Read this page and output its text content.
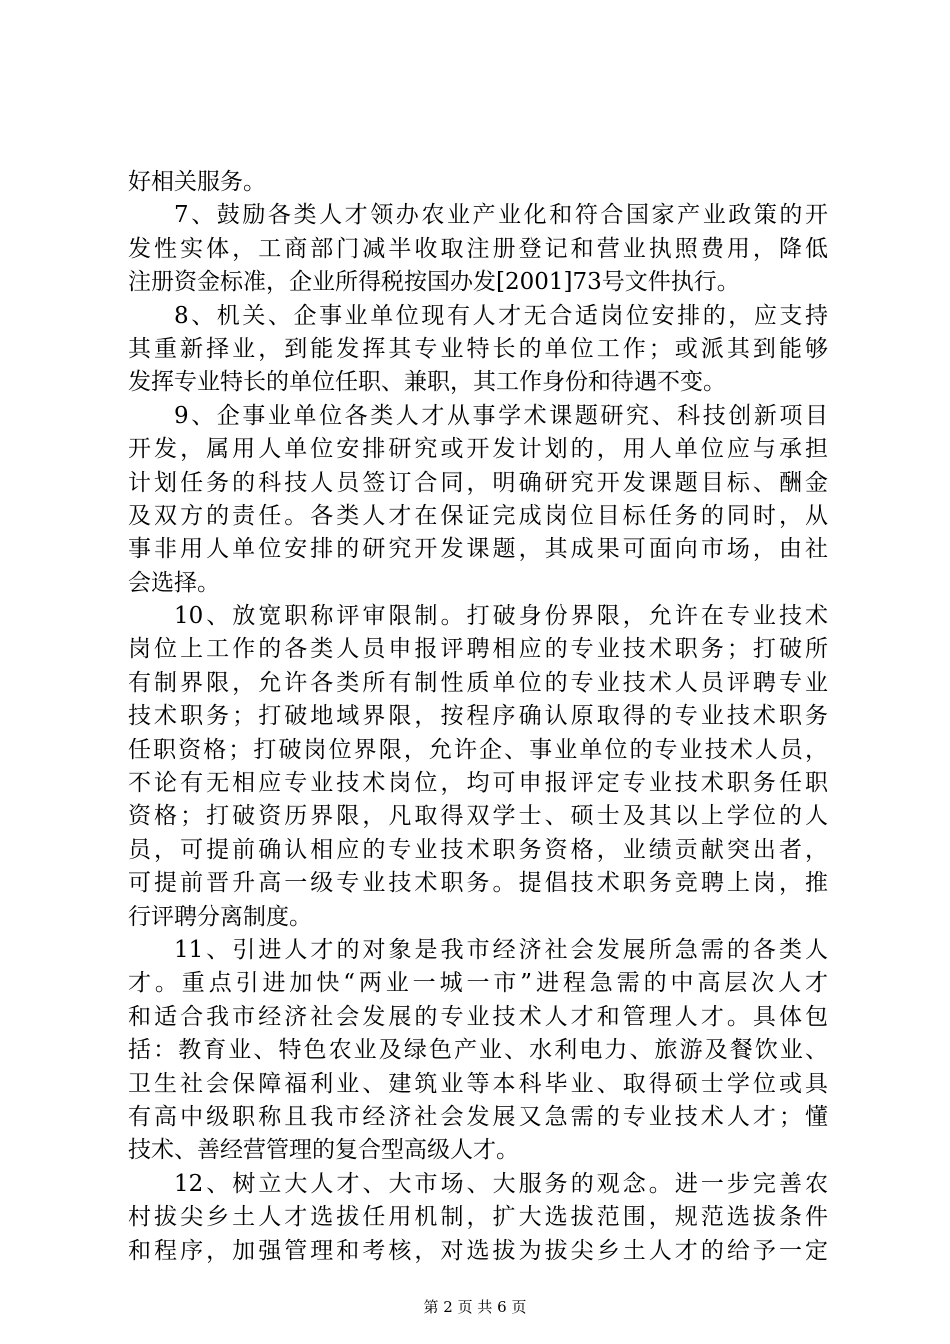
好相关服务。
7、鼓励各类人才领办农业产业化和符合国家产业政策的开
发性实体，工商部门减半收取注册登记和营业执照费用，降低
注册资金标准，企业所得税按国办发[2001]73号文件执行。
8、机关、企事业单位现有人才无合适岗位安排的，应支持
其重新择业，到能发挥其专业特长的单位工作；或派其到能够
发挥专业特长的单位任职、兼职，其工作身份和待遇不变。
9、企事业单位各类人才从事学术课题研究、科技创新项目
开发，属用人单位安排研究或开发计划的，用人单位应与承担
计划任务的科技人员签订合同，明确研究开发课题目标、酬金
及双方的责任。各类人才在保证完成岗位目标任务的同时，从
事非用人单位安排的研究开发课题，其成果可面向市场，由社
会选择。
10、放宽职称评审限制。打破身份界限，允许在专业技术
岗位上工作的各类人员申报评聘相应的专业技术职务；打破所
有制界限，允许各类所有制性质单位的专业技术人员评聘专业
技术职务；打破地域界限，按程序确认原取得的专业技术职务
任职资格；打破岗位界限，允许企、事业单位的专业技术人员，
不论有无相应专业技术岗位，均可申报评定专业技术职务任职
资格；打破资历界限，凡取得双学士、硕士及其以上学位的人
员，可提前确认相应的专业技术职务资格，业绩贡献突出者，
可提前晋升高一级专业技术职务。提倡技术职务竞聘上岗，推
行评聘分离制度。
11、引进人才的对象是我市经济社会发展所急需的各类人
才。重点引进加快“两业一城一市”进程急需的中高层次人才
和适合我市经济社会发展的专业技术人才和管理人才。具体包
括：教育业、特色农业及绿色产业、水利电力、旅游及餐饮业、
卫生社会保障福利业、建筑业等本科毕业、取得硕士学位或具
有高中级职称且我市经济社会发展又急需的专业技术人才；懂
技术、善经营管理的复合型高级人才。
12、树立大人才、大市场、大服务的观念。进一步完善农
村拔尖乡土人才选拔任用机制，扩大选拔范围，规范选拔条件
和程序，加强管理和考核，对选拔为拔尖乡土人才的给予一定
第 2 页 共 6 页
